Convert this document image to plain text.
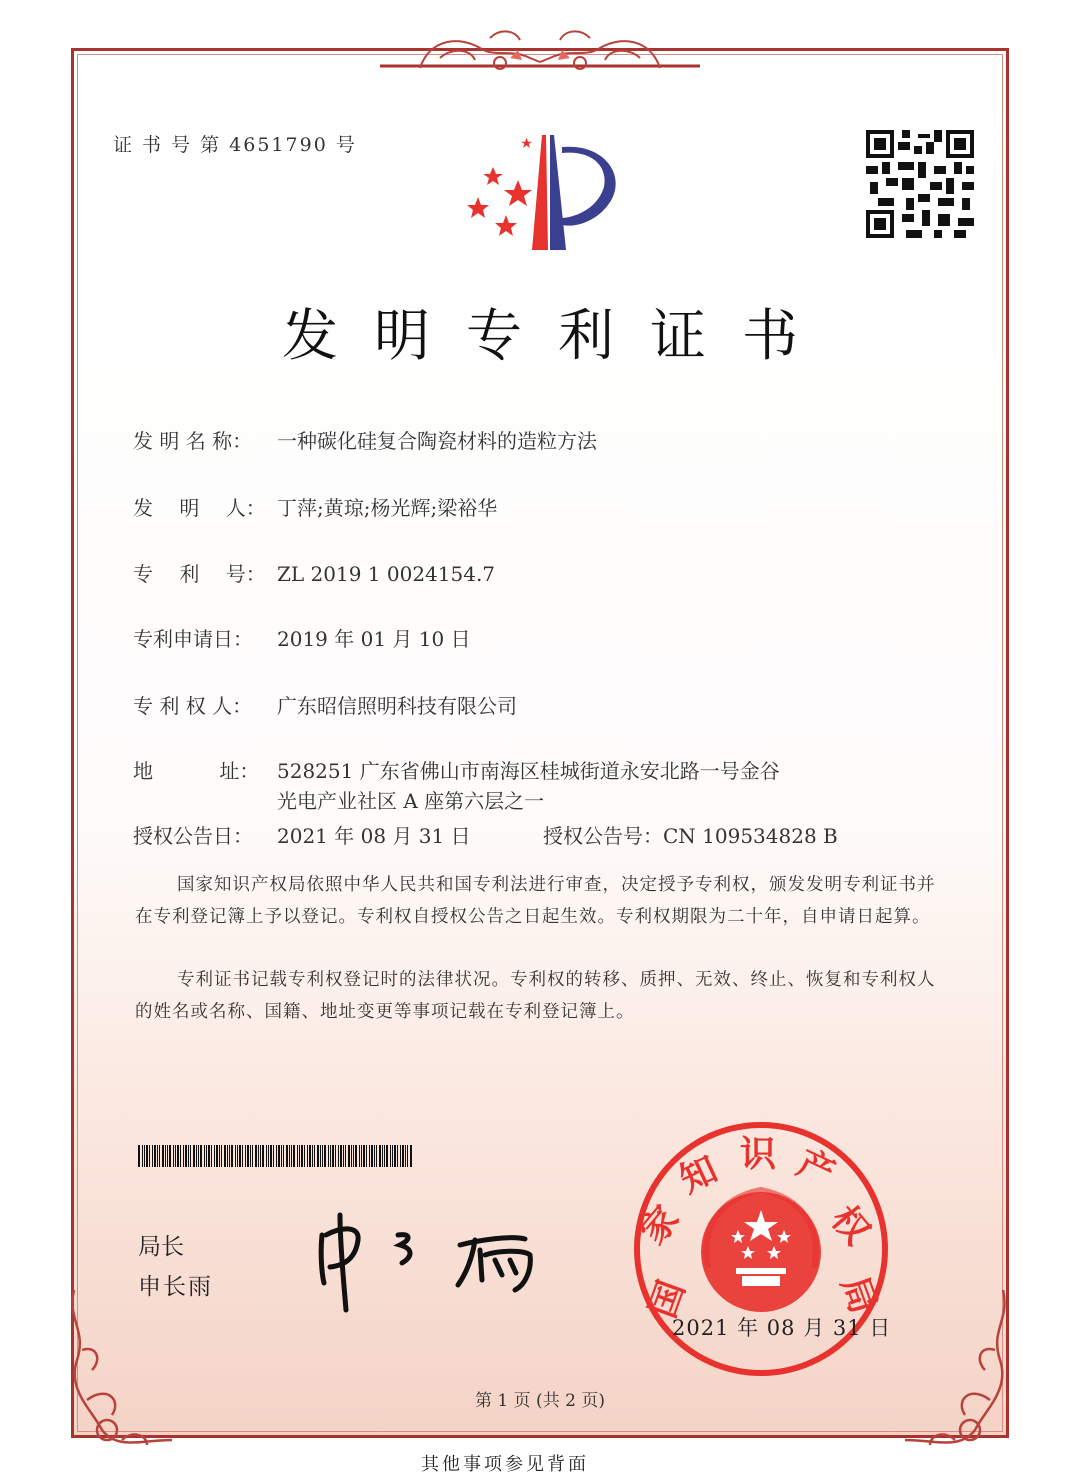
证 书 号 第 4651790 号
发明专利证书
发 明 名 称： 一种碳化硅复合陶瓷材料的造粒方法
发　 明　 人： 丁萍;黄琼;杨光辉;梁裕华
专　 利　 号： ZL 2019 1 0024154.7
专利申请日： 2019 年 01 月 10 日
专 利 权 人： 广东昭信照明科技有限公司
地　　　 址： 528251 广东省佛山市南海区桂城街道永安北路一号金谷
光电产业社区 A 座第六层之一
授权公告日： 2021 年 08 月 31 日	授权公告号：CN 109534828 B
国家知识产权局依照中华人民共和国专利法进行审查，决定授予专利权，颁发发明专利证书并在专利登记簿上予以登记。专利权自授权公告之日起生效。专利权期限为二十年，自申请日起算。
专利证书记载专利权登记时的法律状况。专利权的转移、质押、无效、终止、恢复和专利权人的姓名或名称、国籍、地址变更等事项记载在专利登记簿上。
局长
申长雨	国
家
知 识 产
权
局
2021 年 08 月 31 日
第 1 页 (共 2 页)
其他事项参见背面
